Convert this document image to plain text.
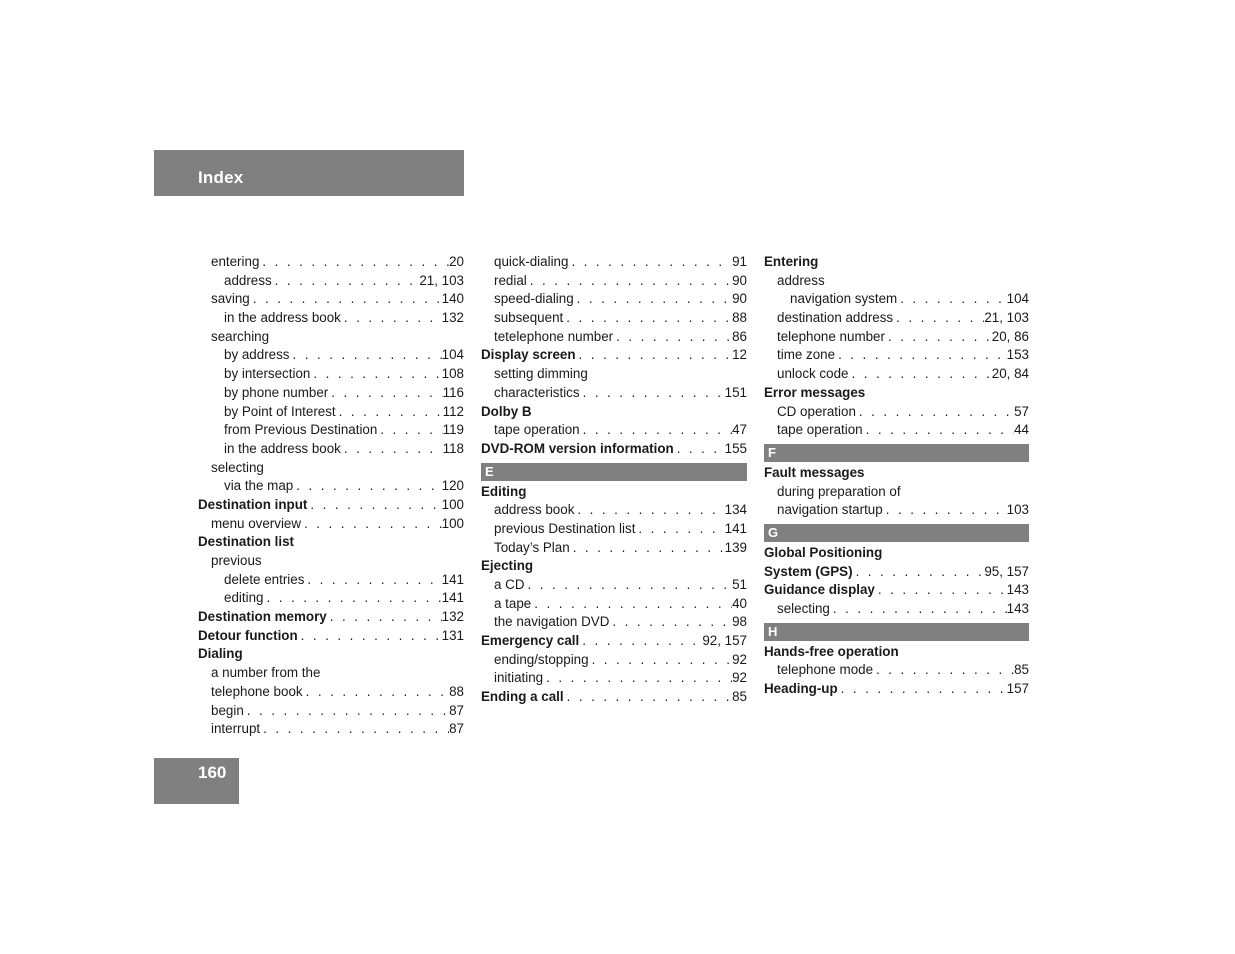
Index
entering . . .	20
address . . .	21, 103
saving . . .	140
in the address book . . .	132
searching
by address . . .	104
by intersection . . .	108
by phone number . . .	116
by Point of Interest . . .	112
from Previous Destination . . .	119
in the address book . . .	118
selecting
via the map . . .	120
Destination input . . .	100
menu overview . . .	100
Destination list
previous
delete entries . . .	141
editing . . .	141
Destination memory . . .	132
Detour function . . .	131
Dialing
a number from the
telephone book . . .	88
begin . . .	87
interrupt . . .	87
quick-dialing . . .	91
redial . . .	90
speed-dialing . . .	90
subsequent . . .	88
tetelephone number . . .	86
Display screen . . .	12
setting dimming
characteristics . . .	151
Dolby B
tape operation . . .	47
DVD-ROM version information . . .	155
E
Editing
address book . . .	134
previous Destination list . . .	141
Today’s Plan . . .	139
Ejecting
a CD . . .	51
a tape . . .	40
the navigation DVD . . .	98
Emergency call . . .	92, 157
ending/stopping . . .	92
initiating . . .	92
Ending a call . . .	85
Entering
address
navigation system . . .	104
destination address . . .	21, 103
telephone number . . .	20, 86
time zone . . .	153
unlock code . . .	20, 84
Error messages
CD operation . . .	57
tape operation . . .	44
F
Fault messages
during preparation of
navigation startup . . .	103
G
Global Positioning
System (GPS) . . .	95, 157
Guidance display . . .	143
selecting . . .	143
H
Hands-free operation
telephone mode . . .	85
Heading-up . . .	157
160
